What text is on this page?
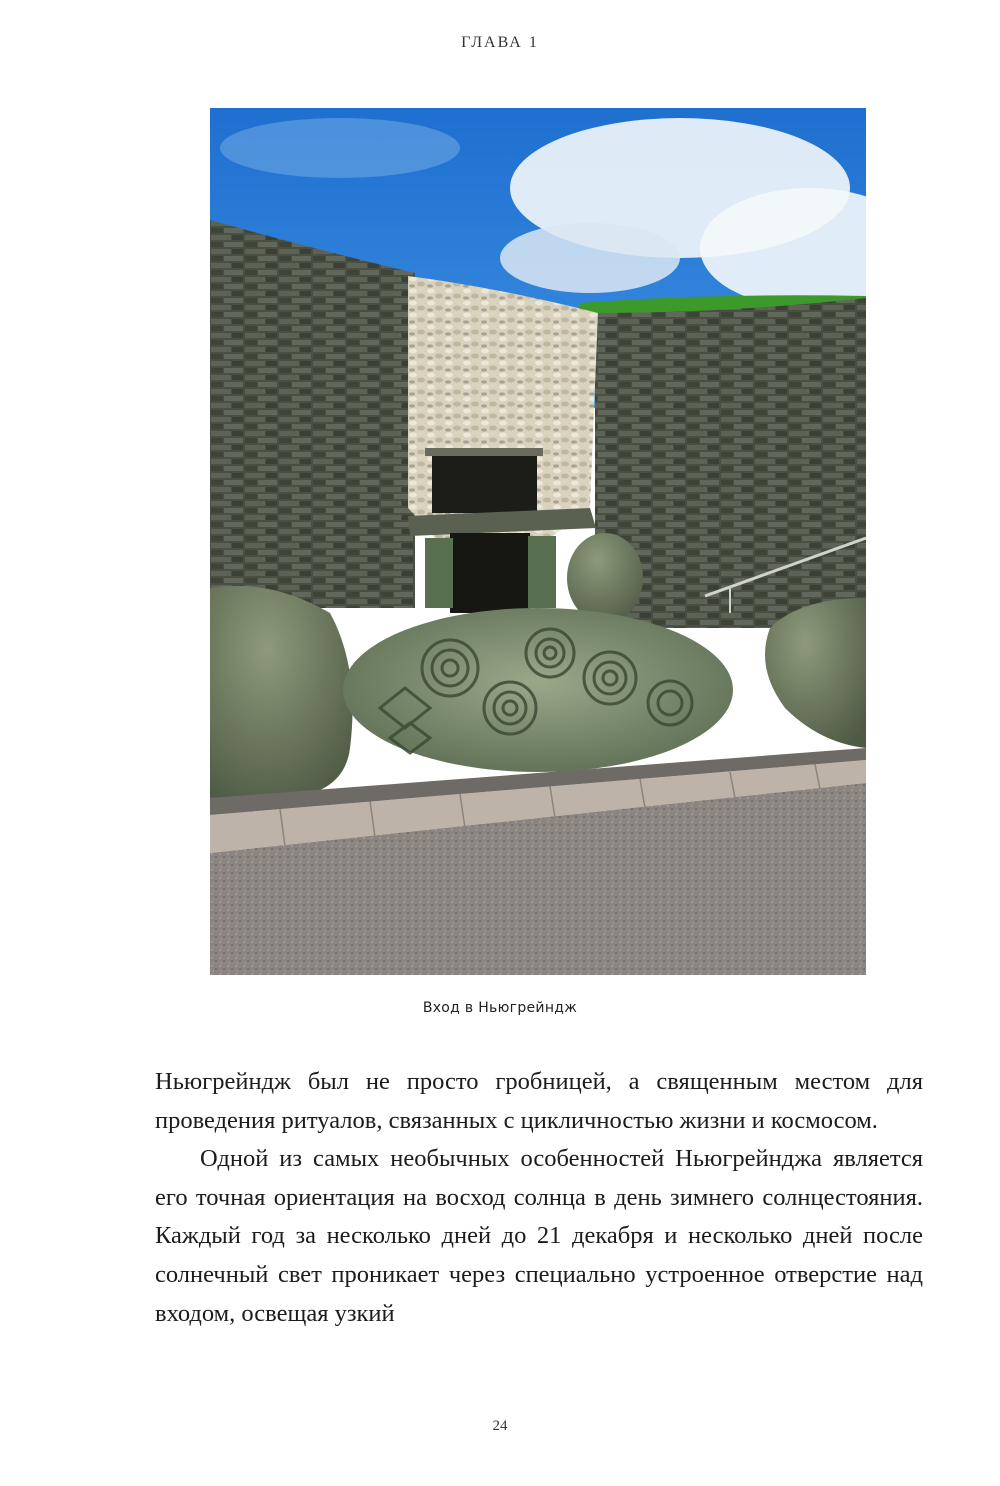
ГЛАВА 1
Вход в Ньюгрейндж

Ньюгрейндж был не просто гробницей, а священным местом для проведения ритуалов, связанных с цикличностью жизни и космосом.

Одной из самых необычных особенностей Ньюгрейнджа является его точная ориентация на восход солнца в день зимнего солнцестояния. Каждый год за несколько дней до 21 декабря и несколько дней после солнечный свет проникает через специально устроенное отверстие над входом, освещая узкий

24
